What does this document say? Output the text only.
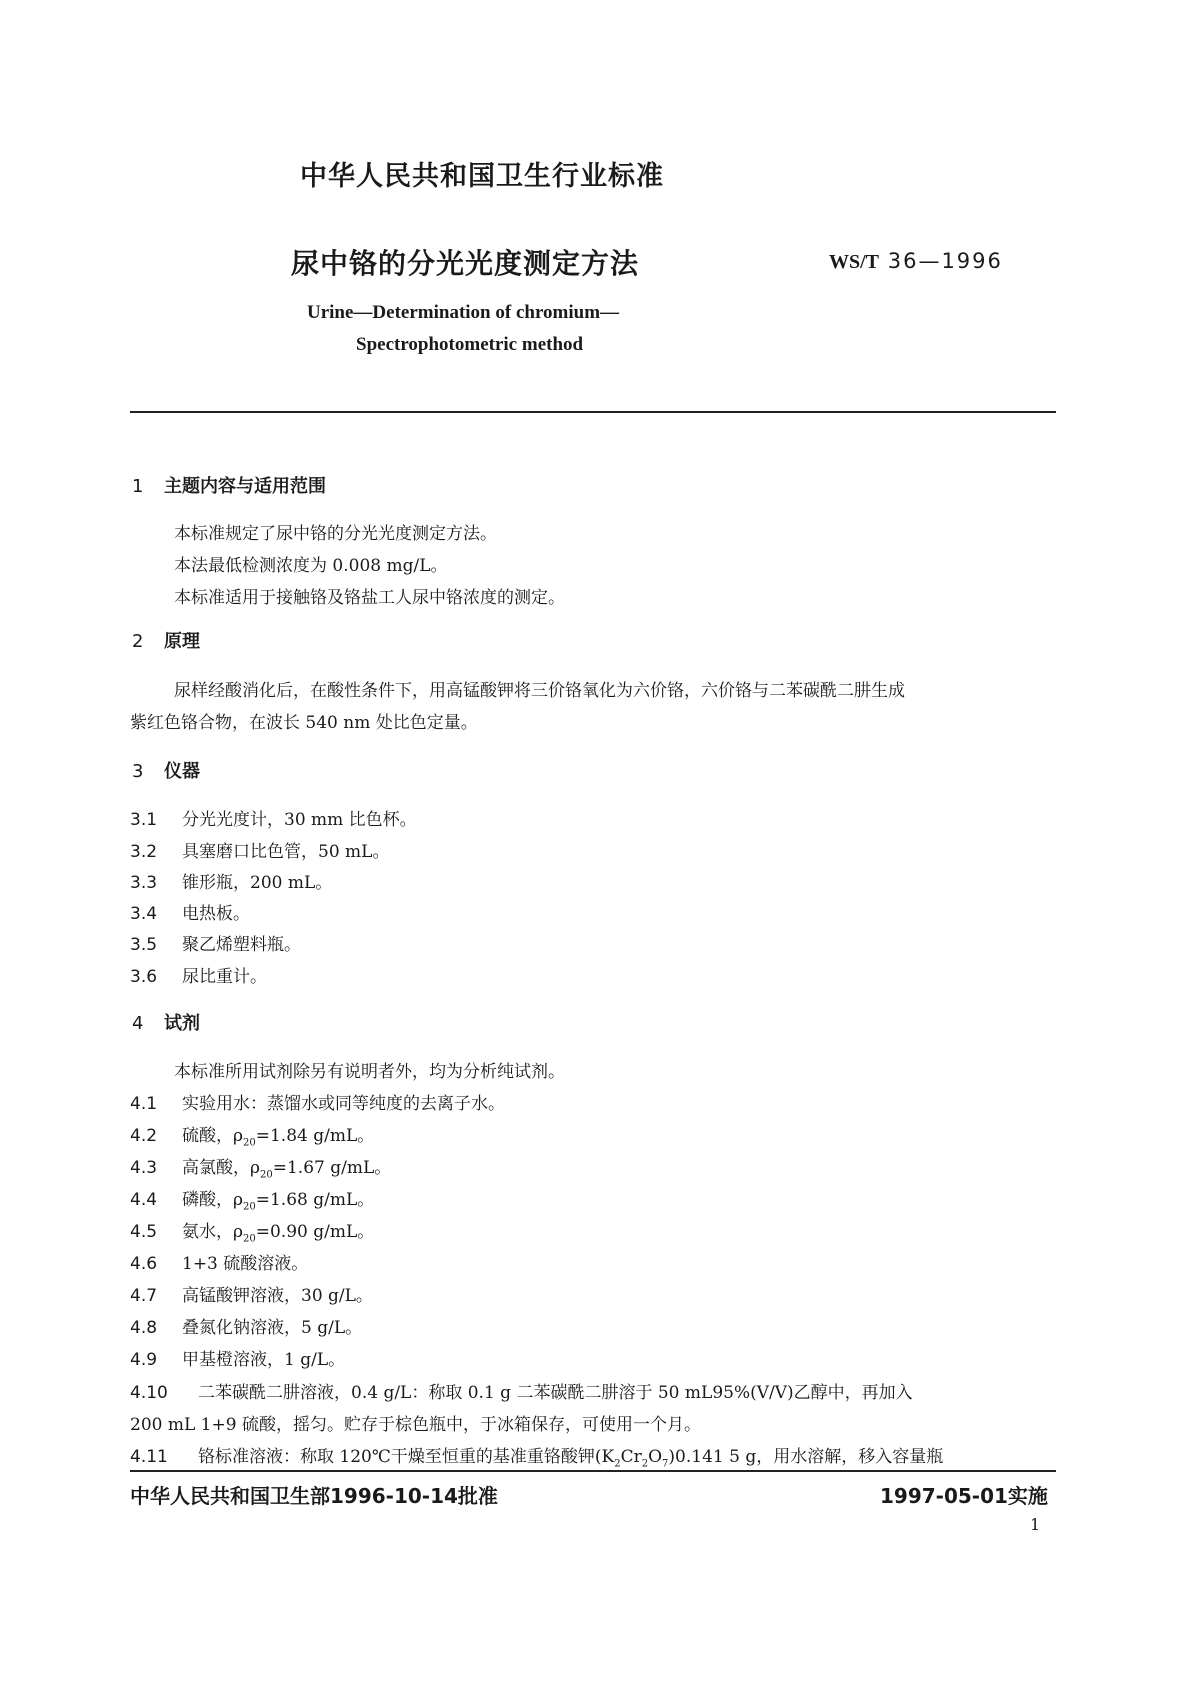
中华人民共和国卫生行业标准
尿中铬的分光光度测定方法	WS/T 36—1996
Urine—Determination of chromium—
Spectrophotometric method
1 主题内容与适用范围
本标准规定了尿中铬的分光光度测定方法。
本法最低检测浓度为 0.008 mg/L。
本标准适用于接触铬及铬盐工人尿中铬浓度的测定。
2 原理
尿样经酸消化后，在酸性条件下，用高锰酸钾将三价铬氧化为六价铬，六价铬与二苯碳酰二肼生成
紫红色铬合物，在波长 540 nm 处比色定量。
3 仪器
3.1 分光光度计，30 mm 比色杯。
3.2 具塞磨口比色管，50 mL。
3.3 锥形瓶，200 mL。
3.4 电热板。
3.5 聚乙烯塑料瓶。
3.6 尿比重计。
4 试剂
本标准所用试剂除另有说明者外，均为分析纯试剂。
4.1 实验用水：蒸馏水或同等纯度的去离子水。
4.2 硫酸，$\rho_{20}=1.84$ g/mL。
4.3 高氯酸，$\rho_{20}=1.67$ g/mL。
4.4 磷酸，$\rho_{20}=1.68$ g/mL。
4.5 氨水，$\rho_{20}=0.90$ g/mL。
4.6 1+3 硫酸溶液。
4.7 高锰酸钾溶液，30 g/L。
4.8 叠氮化钠溶液，5 g/L。
4.9 甲基橙溶液，1 g/L。
4.10 二苯碳酰二肼溶液，0.4 g/L：称取 0.1 g 二苯碳酰二肼溶于 50 mL95%(V/V)乙醇中，再加入
200 mL 1+9 硫酸，摇匀。贮存于棕色瓶中，于冰箱保存，可使用一个月。
4.11 铬标准溶液：称取 120℃干燥至恒重的基准重铬酸钾$(K_2Cr_2O_7)0.141$ 5 g，用水溶解，移入容量瓶
中华人民共和国卫生部1996-10-14批准	1997-05-01实施
1
